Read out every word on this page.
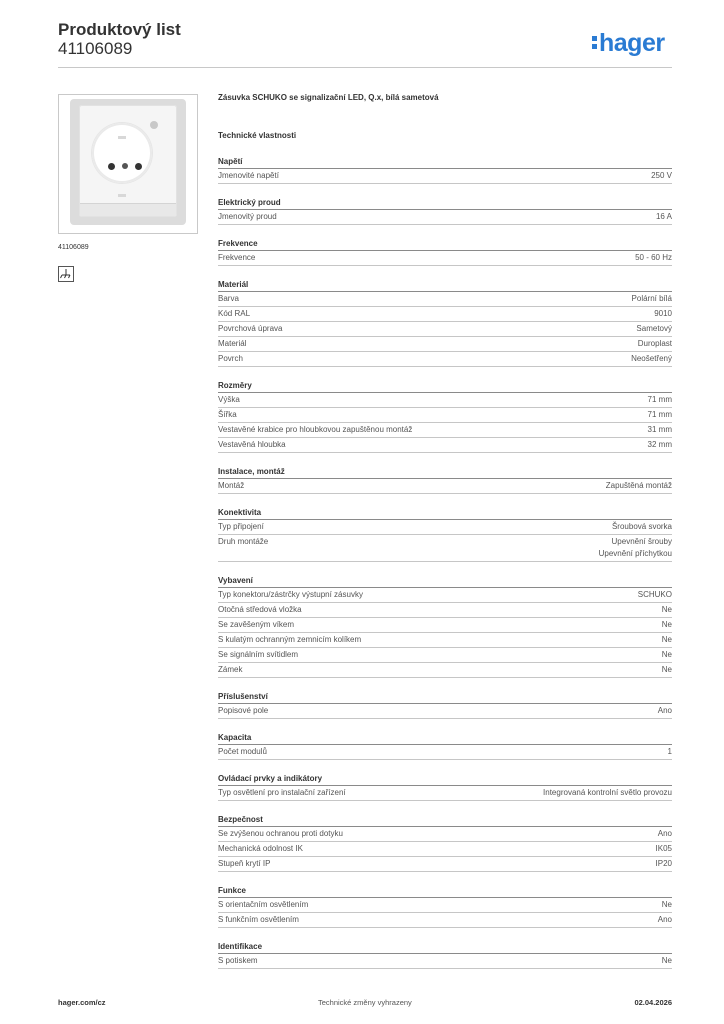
Produktový list
41106089	hager
41106089
Zásuvka SCHUKO se signalizační LED, Q.x, bílá sametová
Technické vlastnosti
Napětí
Jmenovité napětí	250 V
Elektrický proud
Jmenovitý proud	16 A
Frekvence
Frekvence	50 - 60 Hz
Materiál
Barva	Polární bílá
Kód RAL	9010
Povrchová úprava	Sametový
Materiál	Duroplast
Povrch	Neošetřený
Rozměry
Výška	71 mm
Šířka	71 mm
Vestavěné krabice pro hloubkovou zapuštěnou montáž	31 mm
Vestavěná hloubka	32 mm
Instalace, montáž
Montáž	Zapuštěná montáž
Konektivita
Typ připojení	Šroubová svorka
Druh montáže	Upevnění šrouby
Upevnění příchytkou
Vybavení
Typ konektoru/zástrčky výstupní zásuvky	SCHUKO
Otočná středová vložka	Ne
Se zavěšeným víkem	Ne
S kulatým ochranným zemnicím kolíkem	Ne
Se signálním svítidlem	Ne
Zámek	Ne
Příslušenství
Popisové pole	Ano
Kapacita
Počet modulů	1
Ovládací prvky a indikátory
Typ osvětlení pro instalační zařízení	Integrovaná kontrolní světlo provozu
Bezpečnost
Se zvýšenou ochranou proti dotyku	Ano
Mechanická odolnost IK	IK05
Stupeň krytí IP	IP20
Funkce
S orientačním osvětlením	Ne
S funkčním osvětlením	Ano
Identifikace
S potiskem	Ne
hager.com/cz	Technické změny vyhrazeny	02.04.2026
